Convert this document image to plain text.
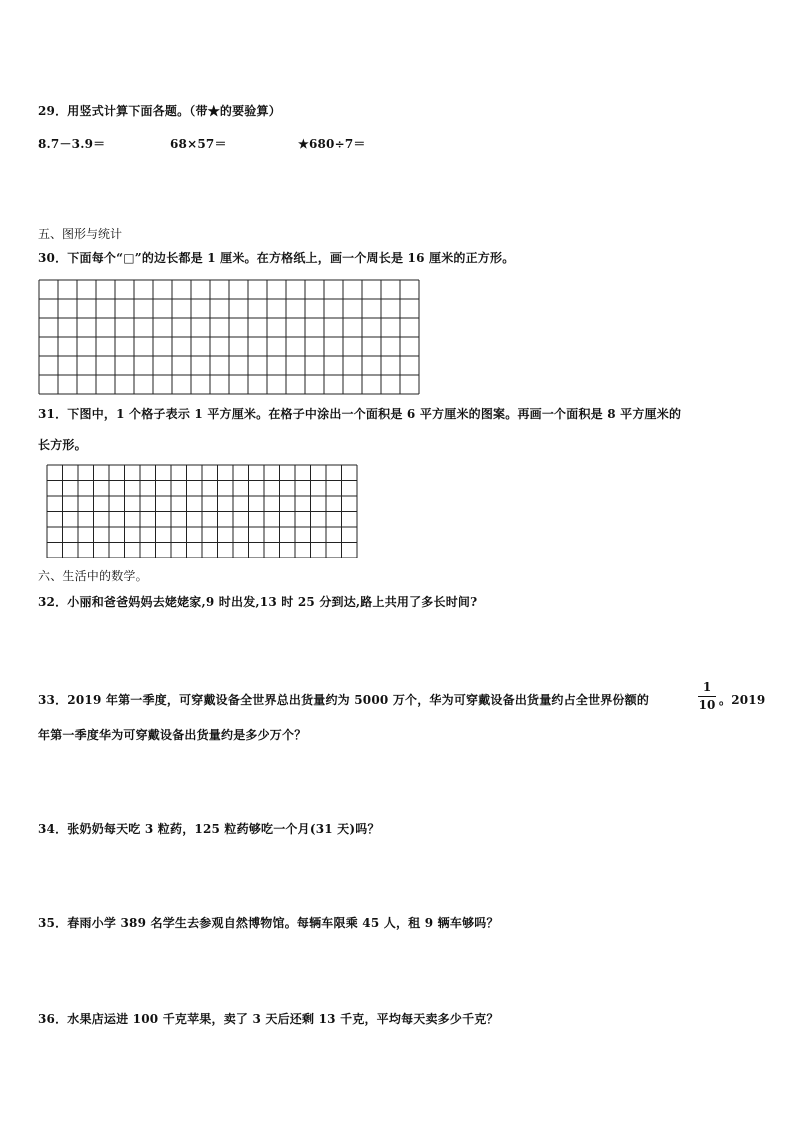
29．用竖式计算下面各题。（带★的要验算）
8.7－3.9＝	68×57＝	★680÷7＝
五、图形与统计
30．下面每个“□”的边长都是 1 厘米。在方格纸上，画一个周长是 16 厘米的正方形。
31．下图中，1 个格子表示 1 平方厘米。在格子中涂出一个面积是 6 平方厘米的图案。再画一个面积是 8 平方厘米的
长方形。
六、生活中的数学。
32．小丽和爸爸妈妈去姥姥家,9 时出发,13 时 25 分到达,路上共用了多长时间?
33．2019 年第一季度，可穿戴设备全世界总出货量约为 5000 万个，华为可穿戴设备出货量约占全世界份额的
1
10 。2019
年第一季度华为可穿戴设备出货量约是多少万个？
34．张奶奶每天吃 3 粒药，125 粒药够吃一个月(31 天)吗？
35．春雨小学 389 名学生去参观自然博物馆。每辆车限乘 45 人，租 9 辆车够吗？
36．水果店运进 100 千克苹果，卖了 3 天后还剩 13 千克，平均每天卖多少千克？
